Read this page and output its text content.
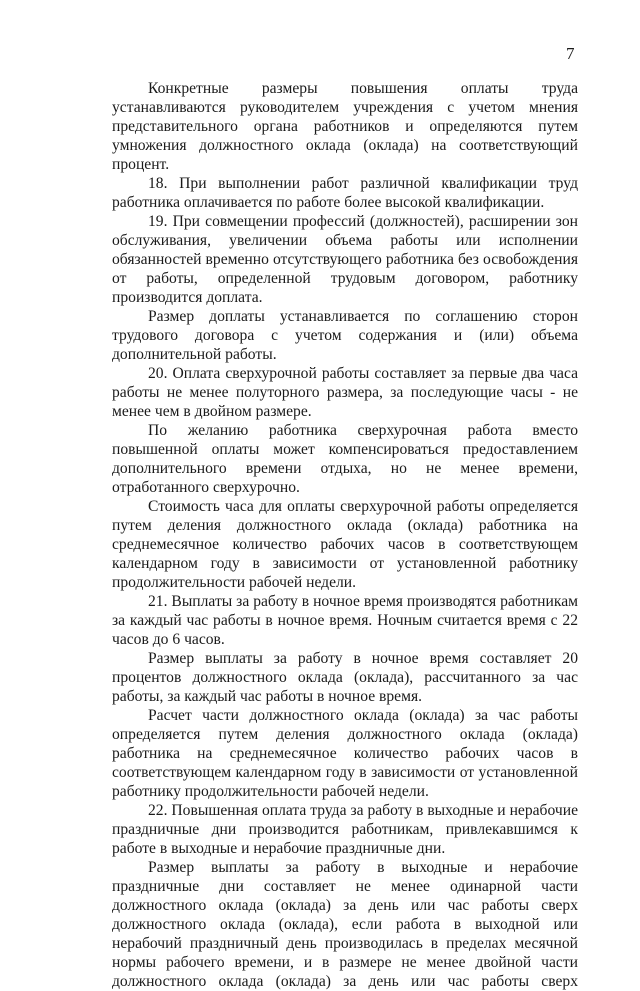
7

Конкретные размеры повышения оплаты труда устанавливаются руководителем учреждения с учетом мнения представительного органа работников и определяются путем умножения должностного оклада (оклада) на соответствующий процент.

18. При выполнении работ различной квалификации труд работника оплачивается по работе более высокой квалификации.

19. При совмещении профессий (должностей), расширении зон обслуживания, увеличении объема работы или исполнении обязанностей временно отсутствующего работника без освобождения от работы, определенной трудовым договором, работнику производится доплата.

Размер доплаты устанавливается по соглашению сторон трудового договора с учетом содержания и (или) объема дополнительной работы.

20. Оплата сверхурочной работы составляет за первые два часа работы не менее полуторного размера, за последующие часы - не менее чем в двойном размере.

По желанию работника сверхурочная работа вместо повышенной оплаты может компенсироваться предоставлением дополнительного времени отдыха, но не менее времени, отработанного сверхурочно.

Стоимость часа для оплаты сверхурочной работы определяется путем деления должностного оклада (оклада) работника на среднемесячное количество рабочих часов в соответствующем календарном году в зависимости от установленной работнику продолжительности рабочей недели.

21. Выплаты за работу в ночное время производятся работникам за каждый час работы в ночное время. Ночным считается время с 22 часов до 6 часов.

Размер выплаты за работу в ночное время составляет 20 процентов должностного оклада (оклада), рассчитанного за час работы, за каждый час работы в ночное время.

Расчет части должностного оклада (оклада) за час работы определяется путем деления должностного оклада (оклада) работника на среднемесячное количество рабочих часов в соответствующем календарном году в зависимости от установленной работнику продолжительности рабочей недели.

22. Повышенная оплата труда за работу в выходные и нерабочие праздничные дни производится работникам, привлекавшимся к работе в выходные и нерабочие праздничные дни.

Размер выплаты за работу в выходные и нерабочие праздничные дни составляет не менее одинарной части должностного оклада (оклада) за день или час работы сверх должностного оклада (оклада), если работа в выходной или нерабочий праздничный день производилась в пределах месячной нормы рабочего времени, и в размере не менее двойной части должностного оклада (оклада) за день или час работы сверх
